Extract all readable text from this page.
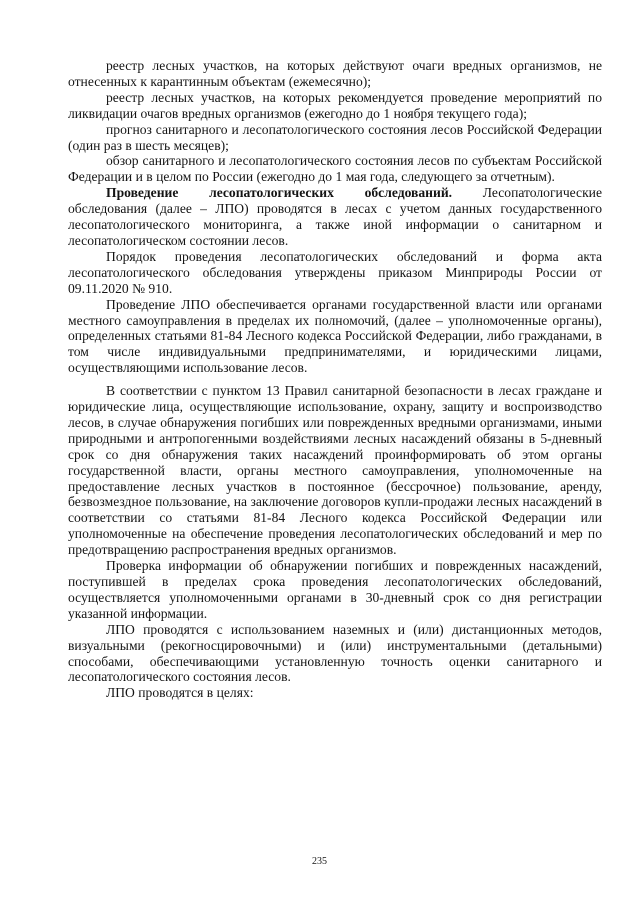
реестр лесных участков, на которых действуют очаги вредных организмов, не отнесенных к карантинным объектам (ежемесячно);

реестр лесных участков, на которых рекомендуется проведение мероприятий по ликвидации очагов вредных организмов (ежегодно до 1 ноября текущего года);

прогноз санитарного и лесопатологического состояния лесов Российской Федерации (один раз в шесть месяцев);

обзор санитарного и лесопатологического состояния лесов по субъектам Российской Федерации и в целом по России (ежегодно до 1 мая года, следующего за отчетным).

Проведение лесопатологических обследований. Лесопатологические обследования (далее – ЛПО) проводятся в лесах с учетом данных государственного лесопатологического мониторинга, а также иной информации о санитарном и лесопатологическом состоянии лесов.

Порядок проведения лесопатологических обследований и форма акта лесопатологического обследования утверждены приказом Минприроды России от 09.11.2020 № 910.

Проведение ЛПО обеспечивается органами государственной власти или органами местного самоуправления в пределах их полномочий, (далее – уполномоченные органы), определенных статьями 81-84 Лесного кодекса Российской Федерации, либо гражданами, в том числе индивидуальными предпринимателями, и юридическими лицами, осуществляющими использование лесов.

В соответствии с пунктом 13 Правил санитарной безопасности в лесах граждане и юридические лица, осуществляющие использование, охрану, защиту и воспроизводство лесов, в случае обнаружения погибших или поврежденных вредными организмами, иными природными и антропогенными воздействиями лесных насаждений обязаны в 5-дневный срок со дня обнаружения таких насаждений проинформировать об этом органы государственной власти, органы местного самоуправления, уполномоченные на предоставление лесных участков в постоянное (бессрочное) пользование, аренду, безвозмездное пользование, на заключение договоров купли-продажи лесных насаждений в соответствии со статьями 81-84 Лесного кодекса Российской Федерации или уполномоченные на обеспечение проведения лесопатологических обследований и мер по предотвращению распространения вредных организмов.

Проверка информации об обнаружении погибших и поврежденных насаждений, поступившей в пределах срока проведения лесопатологических обследований, осуществляется уполномоченными органами в 30-дневный срок со дня регистрации указанной информации.

ЛПО проводятся с использованием наземных и (или) дистанционных методов, визуальными (рекогносцировочными) и (или) инструментальными (детальными) способами, обеспечивающими установленную точность оценки санитарного и лесопатологического состояния лесов.

ЛПО проводятся в целях:

235
